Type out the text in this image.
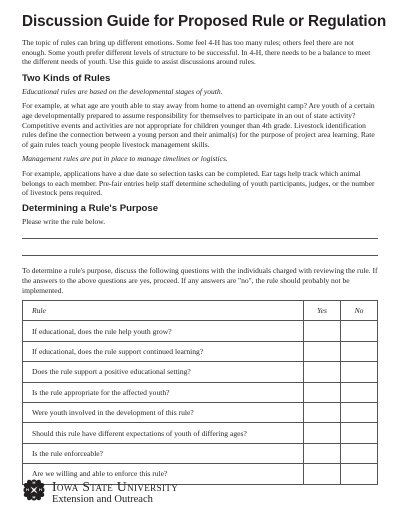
Discussion Guide for Proposed Rule or Regulation

The topic of rules can bring up different emotions. Some feel 4-H has too many rules; others feel there are not enough. Some youth prefer different levels of structure to be successful. In 4-H, there needs to be a balance to meet the different needs of youth. Use this guide to assist discussions around rules.

Two Kinds of Rules

Educational rules are based on the developmental stages of youth.

For example, at what age are youth able to stay away from home to attend an overnight camp? Are youth of a certain age developmentally prepared to assume responsibility for themselves to participate in an out of state activity? Competitive events and activities are not appropriate for children younger than 4th grade. Livestock identification rules define the connection between a young person and their animal(s) for the purpose of project area learning. Rate of gain rules teach young people livestock management skills.

Management rules are put in place to manage timelines or logistics.

For example, applications have a due date so selection tasks can be completed. Ear tags help track which animal belongs to each member. Pre-fair entries help staff determine scheduling of youth participants, judges, or the number of livestock pens required.

Determining a Rule's Purpose

Please write the rule below.

To determine a rule's purpose, discuss the following questions with the individuals charged with reviewing the rule. If the answers to the above questions are yes, proceed. If any answers are "no", the rule should probably not be implemented.

Rule	Yes	No
If educational, does the rule help youth grow?		
If educational, does the rule support continued learning?		
Does the rule support a positive educational setting?		
Is the rule appropriate for the affected youth?		
Were youth involved in the development of this rule?		
Should this rule have different expectations of youth of differing ages?		
Is the rule enforceable?		
Are we willing and able to enforce this rule?		
H
H
H
H Iowa State University
Extension and Outreach
